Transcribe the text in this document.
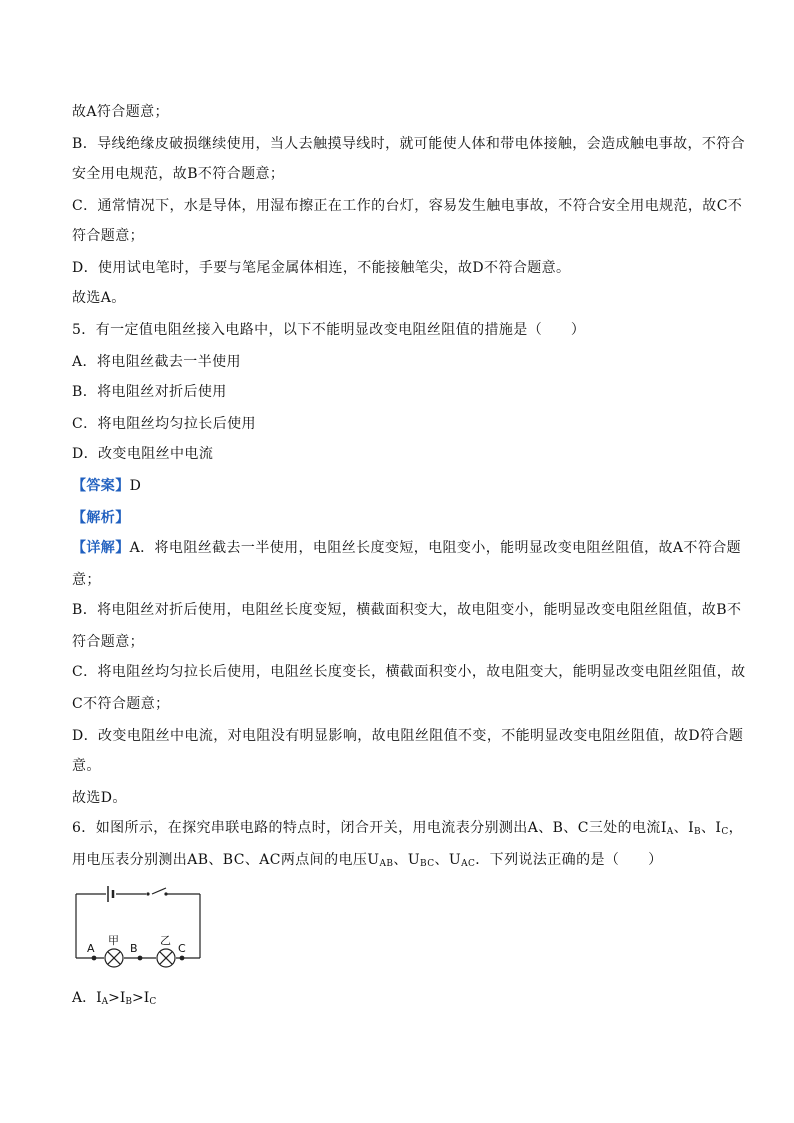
故A符合题意；
B．导线绝缘皮破损继续使用，当人去触摸导线时，就可能使人体和带电体接触，会造成触电事故，不符合
安全用电规范，故B不符合题意；
C．通常情况下，水是导体，用湿布擦正在工作的台灯，容易发生触电事故，不符合安全用电规范，故C不
符合题意；
D．使用试电笔时，手要与笔尾金属体相连，不能接触笔尖，故D不符合题意。
故选A。
5．有一定值电阻丝接入电路中，以下不能明显改变电阻丝阻值的措施是（　　）
A．将电阻丝截去一半使用
B．将电阻丝对折后使用
C．将电阻丝均匀拉长后使用
D．改变电阻丝中电流
【答案】D
【解析】
【详解】A．将电阻丝截去一半使用，电阻丝长度变短，电阻变小，能明显改变电阻丝阻值，故A不符合题
意；
B．将电阻丝对折后使用，电阻丝长度变短，横截面积变大，故电阻变小，能明显改变电阻丝阻值，故B不
符合题意；
C．将电阻丝均匀拉长后使用，电阻丝长度变长，横截面积变小，故电阻变大，能明显改变电阻丝阻值，故
C不符合题意；
D．改变电阻丝中电流，对电阻没有明显影响，故电阻丝阻值不变，不能明显改变电阻丝阻值，故D符合题
意。
故选D。
6．如图所示，在探究串联电路的特点时，闭合开关，用电流表分别测出A、B、C三处的电流$I_A$、$I_B$、$I_C$，
用电压表分别测出AB、BC、AC两点间的电压$U_{AB}$、$U_{BC}$、$U_{AC}$．下列说法正确的是（　　）
A
甲
B
乙
C
A．$I_A>I_B>I_C$
